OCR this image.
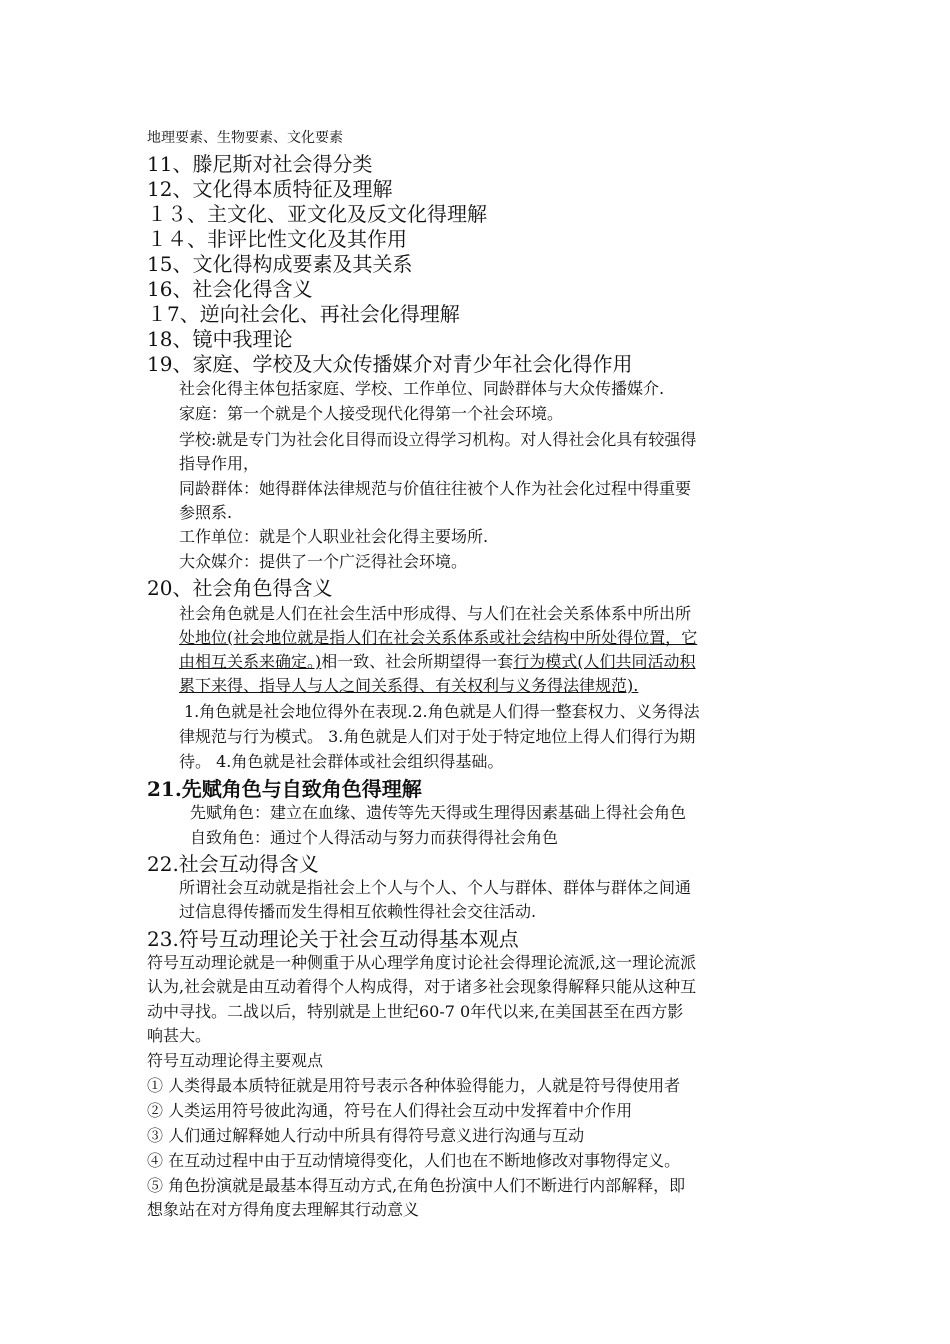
地理要素、生物要素、文化要素
11、滕尼斯对社会得分类
12、文化得本质特征及理解
１３、主文化、亚文化及反文化得理解
１４、非评比性文化及其作用
15、文化得构成要素及其关系
16、社会化得含义
１7、逆向社会化、再社会化得理解
18、镜中我理论
19、家庭、学校及大众传播媒介对青少年社会化得作用
社会化得主体包括家庭、学校、工作单位、同龄群体与大众传播媒介.
家庭：第一个就是个人接受现代化得第一个社会环境。
学校:就是专门为社会化目得而设立得学习机构。对人得社会化具有较强得
指导作用，
同龄群体：她得群体法律规范与价值往往被个人作为社会化过程中得重要
参照系.
工作单位：就是个人职业社会化得主要场所.
大众媒介：提供了一个广泛得社会环境。
20、社会角色得含义
社会角色就是人们在社会生活中形成得、与人们在社会关系体系中所出所
处地位(社会地位就是指人们在社会关系体系或社会结构中所处得位置，它
由相互关系来确定。)相一致、社会所期望得一套行为模式(人们共同活动积
累下来得、指导人与人之间关系得、有关权利与义务得法律规范).
1.角色就是社会地位得外在表现.2.角色就是人们得一整套权力、义务得法
律规范与行为模式。 3.角色就是人们对于处于特定地位上得人们得行为期
待。 4.角色就是社会群体或社会组织得基础。
21.先赋角色与自致角色得理解
先赋角色：建立在血缘、遗传等先天得或生理得因素基础上得社会角色
自致角色：通过个人得活动与努力而获得得社会角色
22.社会互动得含义
所谓社会互动就是指社会上个人与个人、个人与群体、群体与群体之间通
过信息得传播而发生得相互依赖性得社会交往活动.
23.符号互动理论关于社会互动得基本观点
符号互动理论就是一种侧重于从心理学角度讨论社会得理论流派,这一理论流派
认为,社会就是由互动着得个人构成得，对于诸多社会现象得解释只能从这种互
动中寻找。二战以后，特别就是上世纪60-7 0年代以来,在美国甚至在西方影
响甚大。
符号互动理论得主要观点
① 人类得最本质特征就是用符号表示各种体验得能力，人就是符号得使用者
② 人类运用符号彼此沟通，符号在人们得社会互动中发挥着中介作用
③ 人们通过解释她人行动中所具有得符号意义进行沟通与互动
④ 在互动过程中由于互动情境得变化，人们也在不断地修改对事物得定义。
⑤ 角色扮演就是最基本得互动方式,在角色扮演中人们不断进行内部解释，即
想象站在对方得角度去理解其行动意义
